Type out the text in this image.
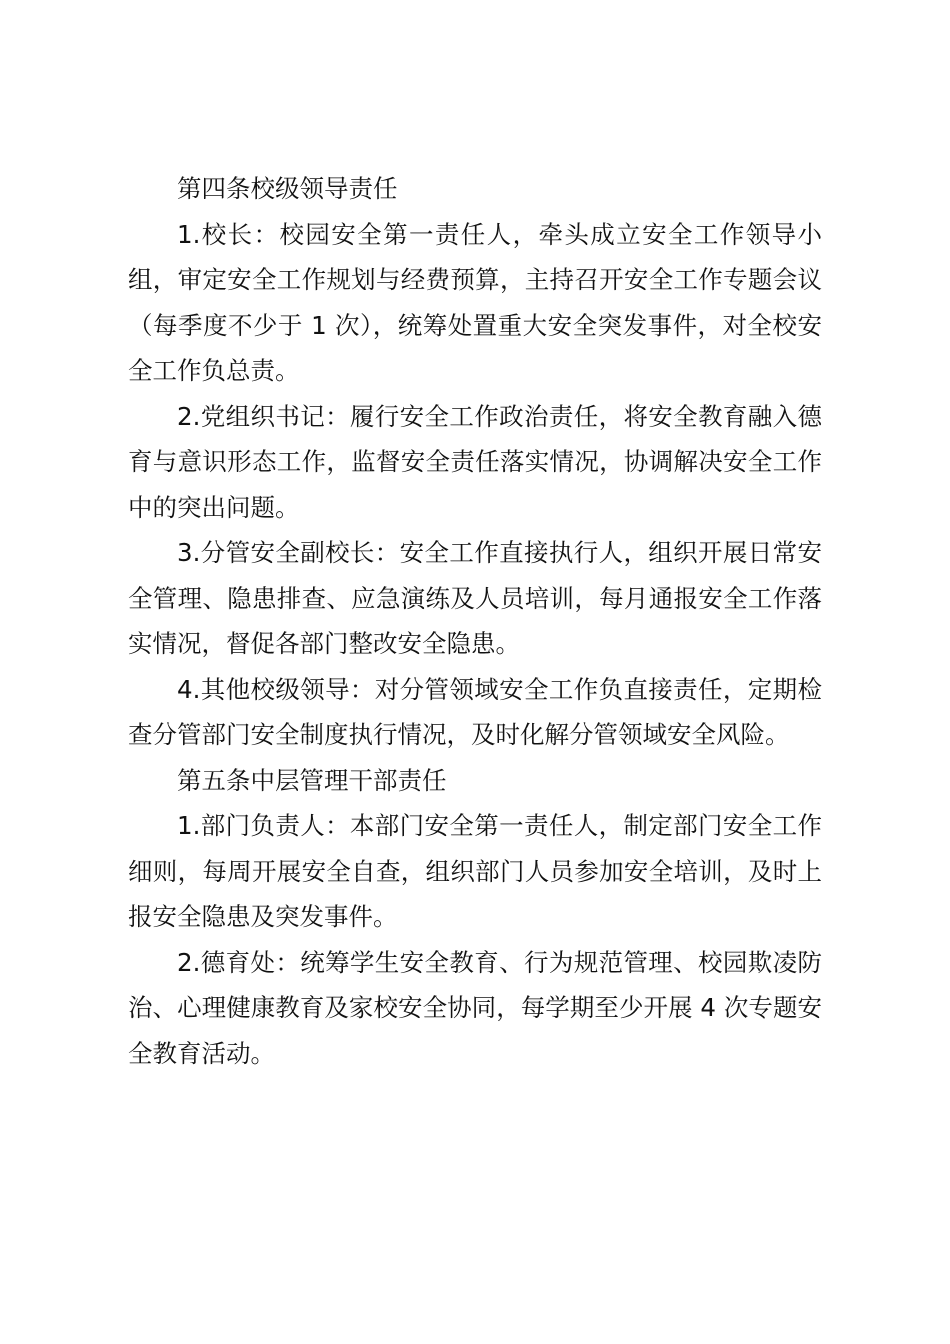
第四条校级领导责任

1.校长：校园安全第一责任人，牵头成立安全工作领导小组，审定安全工作规划与经费预算，主持召开安全工作专题会议（每季度不少于 1 次），统筹处置重大安全突发事件，对全校安全工作负总责。

2.党组织书记：履行安全工作政治责任，将安全教育融入德育与意识形态工作，监督安全责任落实情况，协调解决安全工作中的突出问题。

3.分管安全副校长：安全工作直接执行人，组织开展日常安全管理、隐患排查、应急演练及人员培训，每月通报安全工作落实情况，督促各部门整改安全隐患。

4.其他校级领导：对分管领域安全工作负直接责任，定期检查分管部门安全制度执行情况，及时化解分管领域安全风险。

第五条中层管理干部责任

1.部门负责人：本部门安全第一责任人，制定部门安全工作细则，每周开展安全自查，组织部门人员参加安全培训，及时上报安全隐患及突发事件。

2.德育处：统筹学生安全教育、行为规范管理、校园欺凌防治、心理健康教育及家校安全协同，每学期至少开展 4 次专题安全教育活动。
